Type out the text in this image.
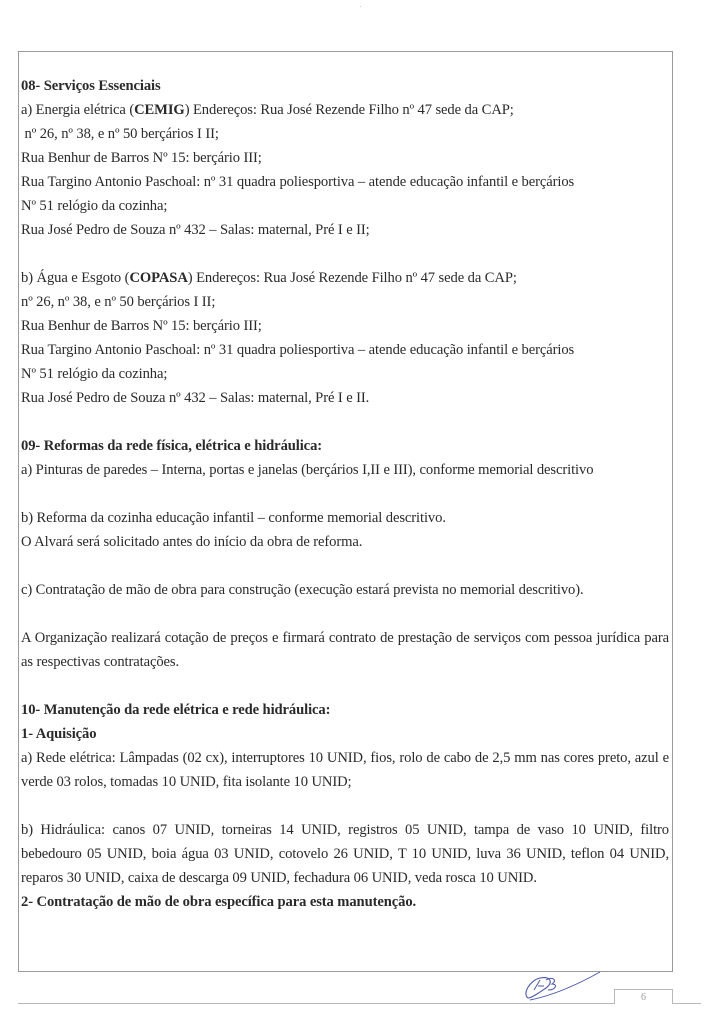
08- Serviços Essenciais
a) Energia elétrica (CEMIG) Endereços: Rua José Rezende Filho nº 47 sede da CAP;
nº 26, nº 38, e nº 50 berçários I II;
Rua Benhur de Barros Nº 15: berçário III;
Rua Targino Antonio Paschoal: nº 31 quadra poliesportiva – atende educação infantil e berçários
Nº 51 relógio da cozinha;
Rua José Pedro de Souza nº 432 – Salas: maternal, Pré I e II;
b) Água e Esgoto (COPASA) Endereços: Rua José Rezende Filho nº 47 sede da CAP;
nº 26, nº 38, e nº 50 berçários I II;
Rua Benhur de Barros Nº 15: berçário III;
Rua Targino Antonio Paschoal: nº 31 quadra poliesportiva – atende educação infantil e berçários
Nº 51 relógio da cozinha;
Rua José Pedro de Souza nº 432 – Salas: maternal, Pré I e II.
09- Reformas da rede física, elétrica e hidráulica:
a) Pinturas de paredes – Interna, portas e janelas (berçários I,II e III), conforme memorial descritivo
b) Reforma da cozinha educação infantil – conforme memorial descritivo.
O Alvará será solicitado antes do início da obra de reforma.
c) Contratação de mão de obra para construção (execução estará prevista no memorial descritivo).
A Organização realizará cotação de preços e firmará contrato de prestação de serviços com pessoa jurídica para as respectivas contratações.
10- Manutenção da rede elétrica e rede hidráulica:
1- Aquisição
a) Rede elétrica: Lâmpadas (02 cx), interruptores 10 UNID, fios, rolo de cabo de 2,5 mm nas cores preto, azul e verde 03 rolos, tomadas 10 UNID, fita isolante 10 UNID;
b) Hidráulica: canos 07 UNID, torneiras 14 UNID, registros 05 UNID, tampa de vaso 10 UNID, filtro bebedouro 05 UNID, boia água 03 UNID, cotovelo 26 UNID, T 10 UNID, luva 36 UNID, teflon 04 UNID, reparos 30 UNID, caixa de descarga 09 UNID, fechadura 06 UNID, veda rosca 10 UNID.
2- Contratação de mão de obra específica para esta manutenção.
6
